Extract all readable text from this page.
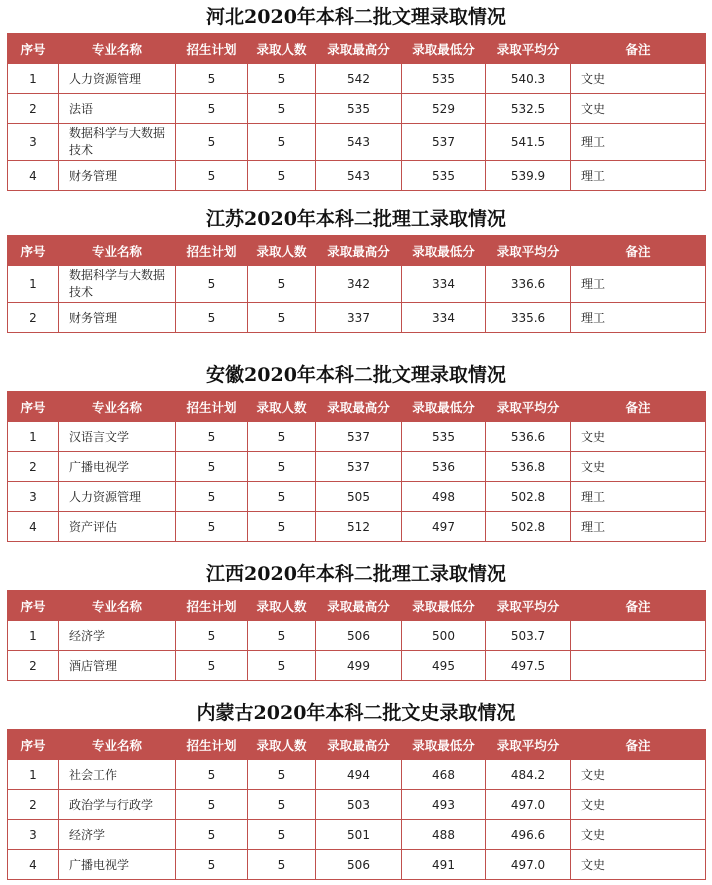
河北2020年本科二批文理录取情况
序号	专业名称	招生计划	录取人数	录取最高分	录取最低分	录取平均分	备注
1	人力资源管理	5	5	542	535	540.3	文史
2	法语	5	5	535	529	532.5	文史
3	数据科学与大数据技术	5	5	543	537	541.5	理工
4	财务管理	5	5	543	535	539.9	理工
江苏2020年本科二批理工录取情况
序号	专业名称	招生计划	录取人数	录取最高分	录取最低分	录取平均分	备注
1	数据科学与大数据技术	5	5	342	334	336.6	理工
2	财务管理	5	5	337	334	335.6	理工
安徽2020年本科二批文理录取情况
序号	专业名称	招生计划	录取人数	录取最高分	录取最低分	录取平均分	备注
1	汉语言文学	5	5	537	535	536.6	文史
2	广播电视学	5	5	537	536	536.8	文史
3	人力资源管理	5	5	505	498	502.8	理工
4	资产评估	5	5	512	497	502.8	理工
江西2020年本科二批理工录取情况
序号	专业名称	招生计划	录取人数	录取最高分	录取最低分	录取平均分	备注
1	经济学	5	5	506	500	503.7	
2	酒店管理	5	5	499	495	497.5	
内蒙古2020年本科二批文史录取情况
序号	专业名称	招生计划	录取人数	录取最高分	录取最低分	录取平均分	备注
1	社会工作	5	5	494	468	484.2	文史
2	政治学与行政学	5	5	503	493	497.0	文史
3	经济学	5	5	501	488	496.6	文史
4	广播电视学	5	5	506	491	497.0	文史
